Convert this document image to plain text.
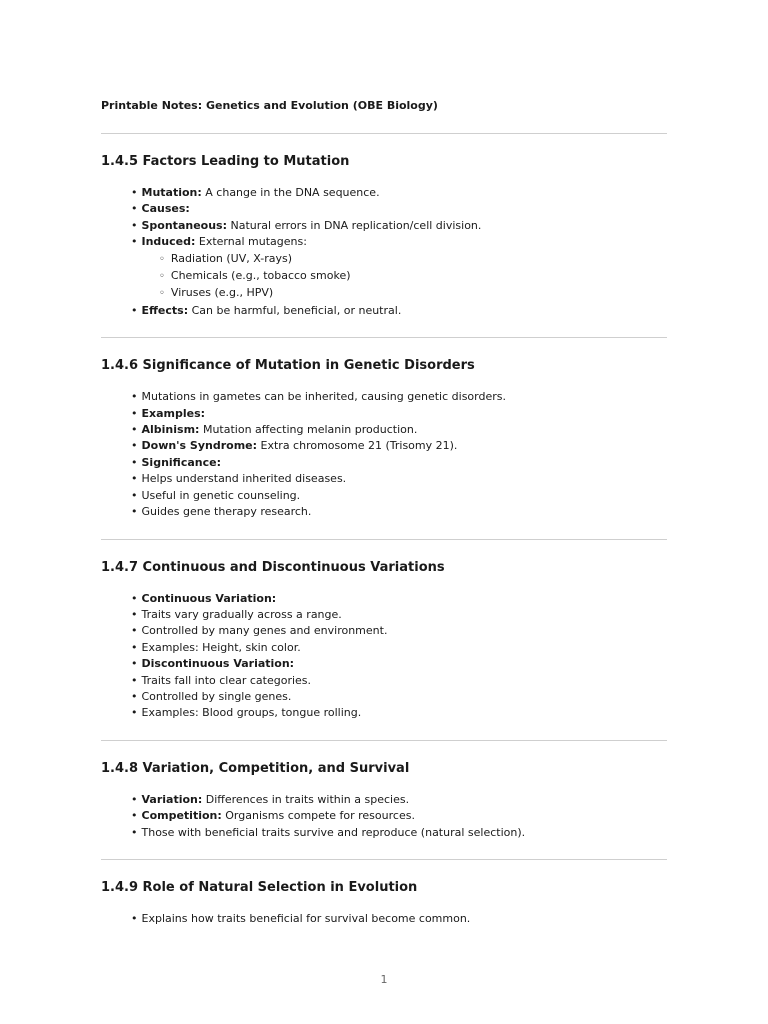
Printable Notes: Genetics and Evolution (OBE Biology)

1.4.5 Factors Leading to Mutation
• Mutation: A change in the DNA sequence.
• Causes:
• Spontaneous: Natural errors in DNA replication/cell division.
• Induced: External mutagens:
◦ Radiation (UV, X-rays)
◦ Chemicals (e.g., tobacco smoke)
◦ Viruses (e.g., HPV)
• Effects: Can be harmful, beneficial, or neutral.
1.4.6 Significance of Mutation in Genetic Disorders
• Mutations in gametes can be inherited, causing genetic disorders.
• Examples:
• Albinism: Mutation affecting melanin production.
• Down's Syndrome: Extra chromosome 21 (Trisomy 21).
• Significance:
• Helps understand inherited diseases.
• Useful in genetic counseling.
• Guides gene therapy research.
1.4.7 Continuous and Discontinuous Variations
• Continuous Variation:
• Traits vary gradually across a range.
• Controlled by many genes and environment.
• Examples: Height, skin color.
• Discontinuous Variation:
• Traits fall into clear categories.
• Controlled by single genes.
• Examples: Blood groups, tongue rolling.
1.4.8 Variation, Competition, and Survival
• Variation: Differences in traits within a species.
• Competition: Organisms compete for resources.
• Those with beneficial traits survive and reproduce (natural selection).
1.4.9 Role of Natural Selection in Evolution
• Explains how traits beneficial for survival become common.
1
